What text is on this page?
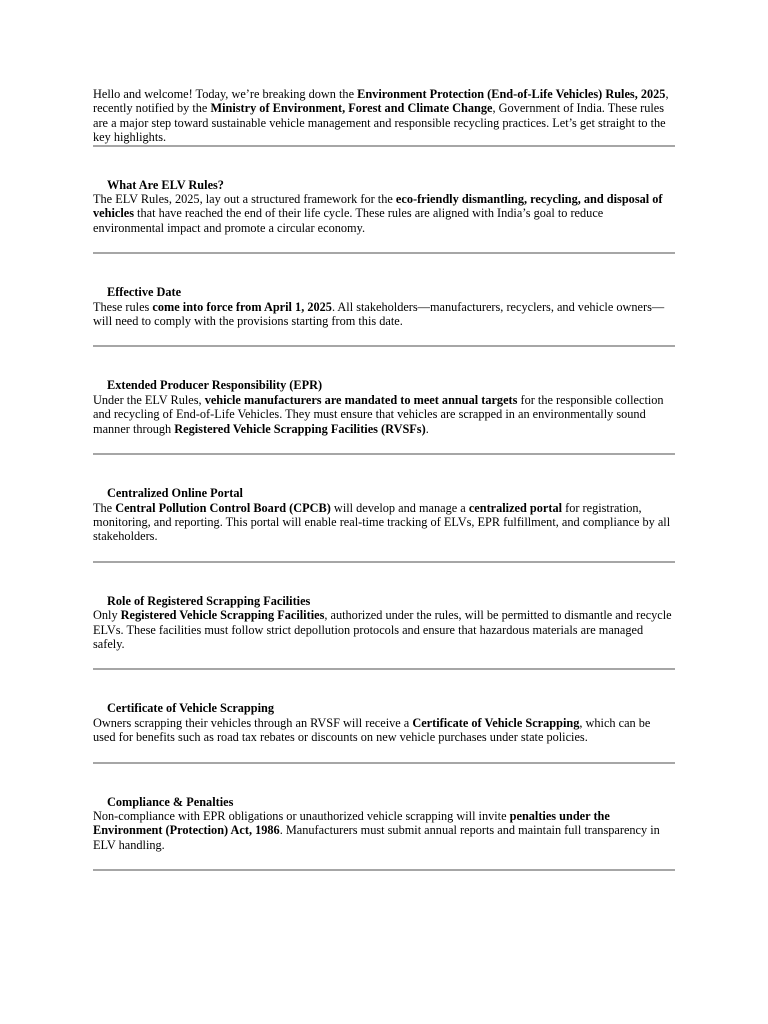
Hello and welcome! Today, we’re breaking down the Environment Protection (End-of-Life Vehicles) Rules, 2025, recently notified by the Ministry of Environment, Forest and Climate Change, Government of India. These rules are a major step toward sustainable vehicle management and responsible recycling practices. Let’s get straight to the key highlights.

What Are ELV Rules?

The ELV Rules, 2025, lay out a structured framework for the eco-friendly dismantling, recycling, and disposal of vehicles that have reached the end of their life cycle. These rules are aligned with India’s goal to reduce environmental impact and promote a circular economy.

Effective Date

These rules come into force from April 1, 2025. All stakeholders—manufacturers, recyclers, and vehicle owners—will need to comply with the provisions starting from this date.

Extended Producer Responsibility (EPR)

Under the ELV Rules, vehicle manufacturers are mandated to meet annual targets for the responsible collection and recycling of End-of-Life Vehicles. They must ensure that vehicles are scrapped in an environmentally sound manner through Registered Vehicle Scrapping Facilities (RVSFs).

Centralized Online Portal

The Central Pollution Control Board (CPCB) will develop and manage a centralized portal for registration, monitoring, and reporting. This portal will enable real-time tracking of ELVs, EPR fulfillment, and compliance by all stakeholders.

Role of Registered Scrapping Facilities

Only Registered Vehicle Scrapping Facilities, authorized under the rules, will be permitted to dismantle and recycle ELVs. These facilities must follow strict depollution protocols and ensure that hazardous materials are managed safely.

Certificate of Vehicle Scrapping

Owners scrapping their vehicles through an RVSF will receive a Certificate of Vehicle Scrapping, which can be used for benefits such as road tax rebates or discounts on new vehicle purchases under state policies.

Compliance & Penalties

Non-compliance with EPR obligations or unauthorized vehicle scrapping will invite penalties under the Environment (Protection) Act, 1986. Manufacturers must submit annual reports and maintain full transparency in ELV handling.
